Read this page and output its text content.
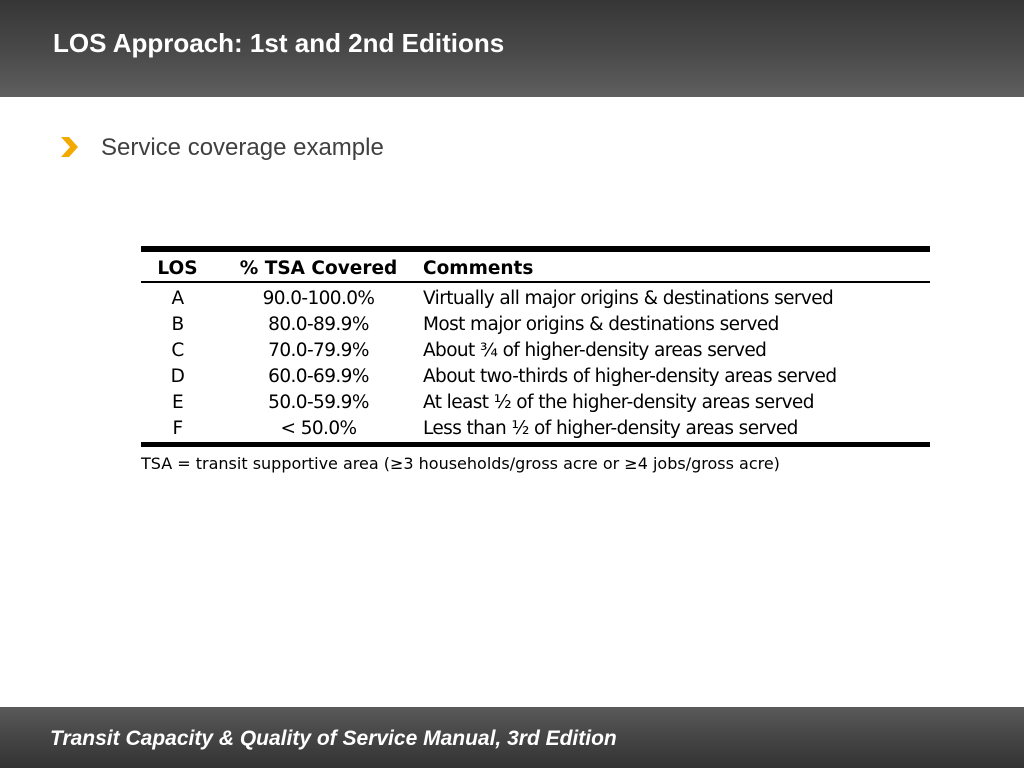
LOS Approach: 1st and 2nd Editions
Service coverage example
LOS	% TSA Covered	Comments
A	90.0-100.0%	Virtually all major origins & destinations served
B	80.0-89.9%	Most major origins & destinations served
C	70.0-79.9%	About ¾ of higher-density areas served
D	60.0-69.9%	About two-thirds of higher-density areas served
E	50.0-59.9%	At least ½ of the higher-density areas served
F	< 50.0%	Less than ½ of higher-density areas served
TSA = transit supportive area (≥3 households/gross acre or ≥4 jobs/gross acre)
Transit Capacity & Quality of Service Manual, 3rd Edition
